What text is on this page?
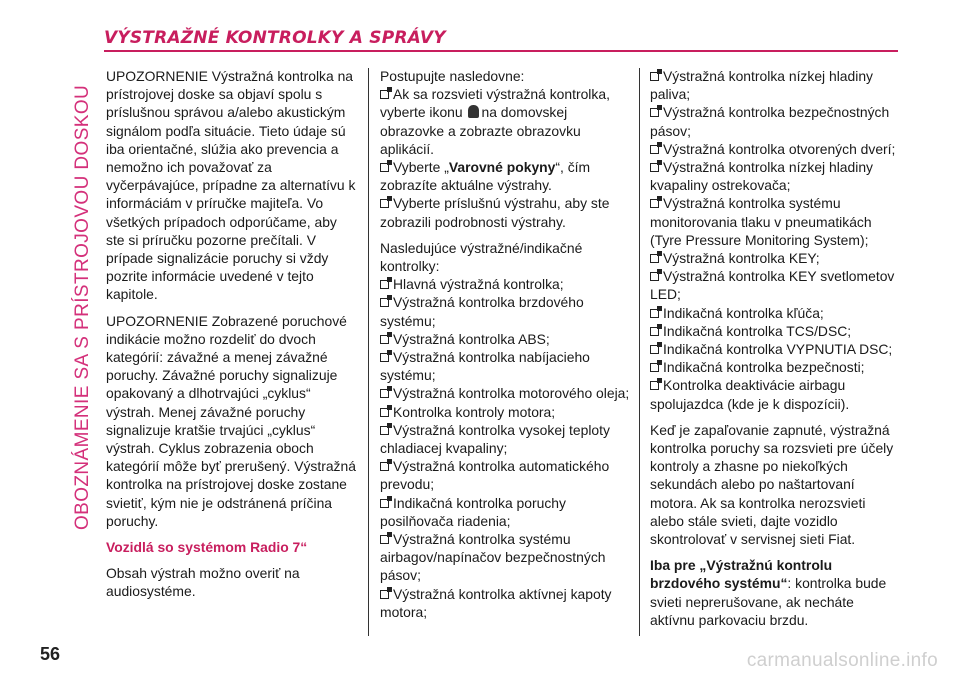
OBOZNÁMENIE SA S PRÍSTROJOVOU DOSKOU
VÝSTRAŽNÉ KONTROLKY A SPRÁVY

UPOZORNENIE Výstražná kontrolka na prístrojovej doske sa objaví spolu s príslušnou správou a/alebo akustickým signálom podľa situácie. Tieto údaje sú iba orientačné, slúžia ako prevencia a nemožno ich považovať za vyčerpávajúce, prípadne za alternatívu k informáciám v príručke majiteľa. Vo všetkých prípadoch odporúčame, aby ste si príručku pozorne prečítali. V prípade signalizácie poruchy si vždy pozrite informácie uvedené v tejto kapitole.

UPOZORNENIE Zobrazené poruchové indikácie možno rozdeliť do dvoch kategórií: závažné a menej závažné poruchy. Závažné poruchy signalizuje opakovaný a dlhotrvajúci „cyklus“ výstrah. Menej závažné poruchy signalizuje kratšie trvajúci „cyklus“ výstrah. Cyklus zobrazenia oboch kategórií môže byť prerušený. Výstražná kontrolka na prístrojovej doske zostane svietiť, kým nie je odstránená príčina poruchy.

Vozidlá so systémom Radio 7“

Obsah výstrah možno overiť na audiosystéme.

Postupujte nasledovne:
Ak sa rozsvieti výstražná kontrolka, vyberte ikonu na domovskej obrazovke a zobrazte obrazovku aplikácií.
Vyberte „Varovné pokyny“, čím zobrazíte aktuálne výstrahy.
Vyberte príslušnú výstrahu, aby ste zobrazili podrobnosti výstrahy.
Nasledujúce výstražné/indikačné kontrolky:
Hlavná výstražná kontrolka;
Výstražná kontrolka brzdového systému;
Výstražná kontrolka ABS;
Výstražná kontrolka nabíjacieho systému;
Výstražná kontrolka motorového oleja;
Kontrolka kontroly motora;
Výstražná kontrolka vysokej teploty chladiacej kvapaliny;
Výstražná kontrolka automatického prevodu;
Indikačná kontrolka poruchy posilňovača riadenia;
Výstražná kontrolka systému airbagov/napínačov bezpečnostných pásov;
Výstražná kontrolka aktívnej kapoty motora;
Výstražná kontrolka nízkej hladiny paliva;
Výstražná kontrolka bezpečnostných pásov;
Výstražná kontrolka otvorených dverí;
Výstražná kontrolka nízkej hladiny kvapaliny ostrekovača;
Výstražná kontrolka systému monitorovania tlaku v pneumatikách (Tyre Pressure Monitoring System);
Výstražná kontrolka KEY;
Výstražná kontrolka KEY svetlometov LED;
Indikačná kontrolka kľúča;
Indikačná kontrolka TCS/DSC;
Indikačná kontrolka VYPNUTIA DSC;
Indikačná kontrolka bezpečnosti;
Kontrolka deaktivácie airbagu spolujazdca (kde je k dispozícii).

Keď je zapaľovanie zapnuté, výstražná kontrolka poruchy sa rozsvieti pre účely kontroly a zhasne po niekoľkých sekundách alebo po naštartovaní motora. Ak sa kontrolka nerozsvieti alebo stále svieti, dajte vozidlo skontrolovať v servisnej sieti Fiat.

Iba pre „Výstražnú kontrolu brzdového systému“: kontrolka bude svieti neprerušovane, ak necháte aktívnu parkovaciu brzdu.

56	carmanualsonline.info
